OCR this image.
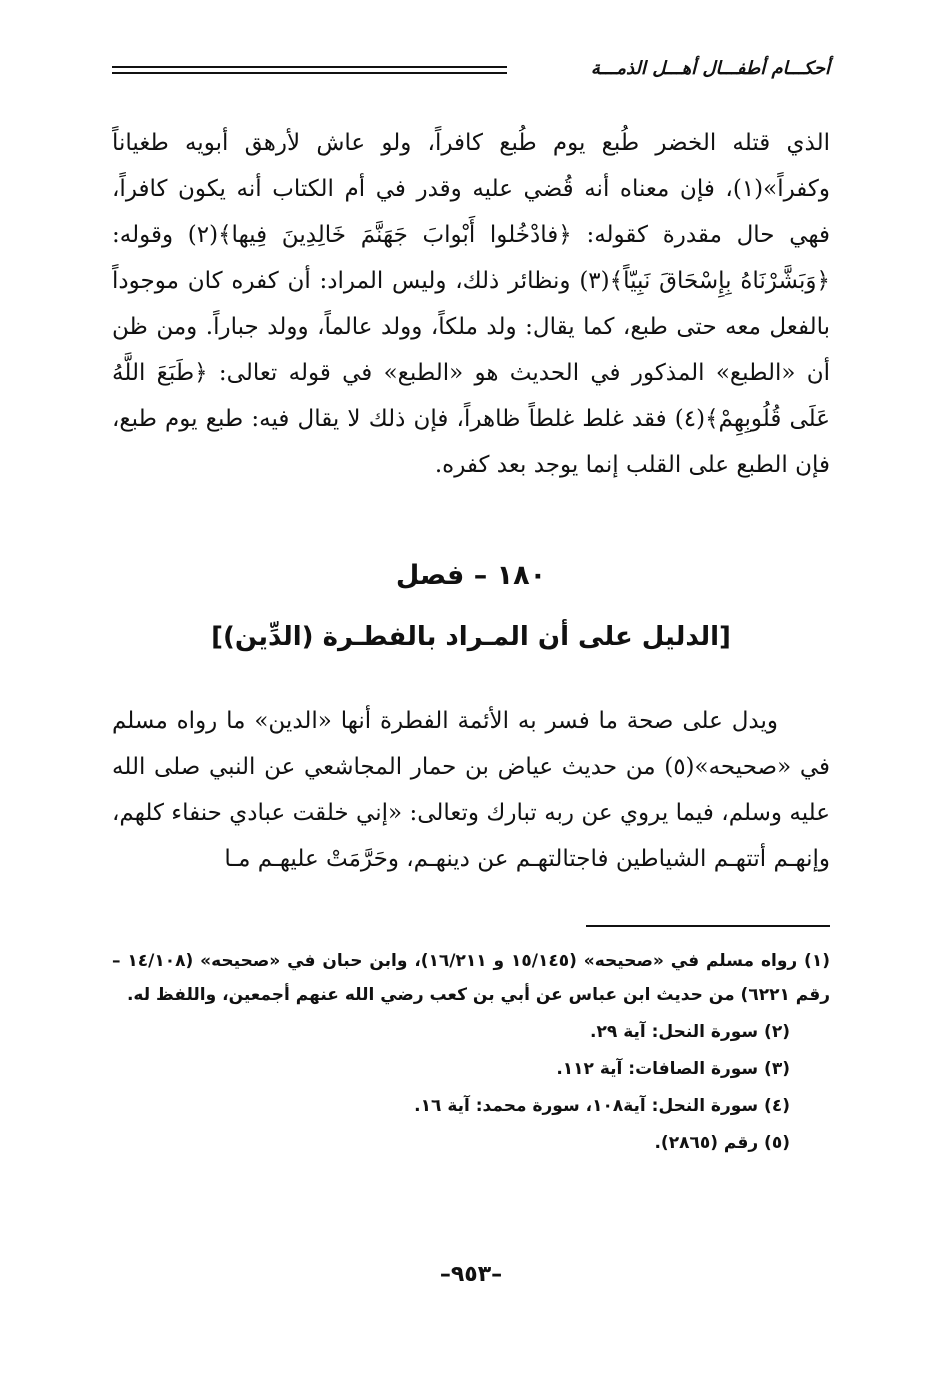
أحكـــام أطفـــال أهـــل الذمـــة
الذي قتله الخضر طُبع يوم طُبع كافراً، ولو عاش لأرهق أبويه طغياناً وكفراً»(١)، فإن معناه أنه قُضي عليه وقدر في أم الكتاب أنه يكون كافراً، فهي حال مقدرة كقوله: ﴿فادْخُلوا أَبْوابَ جَهَنَّمَ خَالِدِينَ فِيها﴾(٢) وقوله: ﴿وَبَشَّرْنَاهُ بِإِسْحَاقَ نَبِيّاً﴾(٣) ونظائر ذلك، وليس المراد: أن كفره كان موجوداً بالفعل معه حتى طبع، كما يقال: ولد ملكاً، وولد عالماً، وولد جباراً. ومن ظن أن «الطبع» المذكور في الحديث هو «الطبع» في قوله تعالى: ﴿طَبَعَ اللَّهُ عَلَى قُلُوبِهِمْ﴾(٤) فقد غلط غلطاً ظاهراً، فإن ذلك لا يقال فيه: طبع يوم طبع، فإن الطبع على القلب إنما يوجد بعد كفره.
١٨٠ – فصل
[الدليل على أن المـراد بالفطـرة (الدِّين)]
ويدل على صحة ما فسر به الأئمة الفطرة أنها «الدين» ما رواه مسلم في «صحيحه»(٥) من حديث عياض بن حمار المجاشعي عن النبي صلى الله عليه وسلم، فيما يروي عن ربه تبارك وتعالى: «إني خلقت عبادي حنفاء كلهم، وإنهـم أتتهـم الشياطين فاجتالتهـم عن دينهـم، وحَرَّمَتْ عليهـم مـا
(١) رواه مسلم في «صحيحه» (١٥/١٤٥ و ١٦/٢١١)، وابن حبان في «صحيحه» (١٤/١٠٨ – رقم ٦٢٢١) من حديث ابن عباس عن أبي بن كعب رضي الله عنهم أجمعين، واللفظ له.
(٢) سورة النحل: آية ٢٩.
(٣) سورة الصافات: آية ١١٢.
(٤) سورة النحل: آية١٠٨، سورة محمد: آية ١٦.
(٥) رقم (٢٨٦٥).
–٩٥٣–
